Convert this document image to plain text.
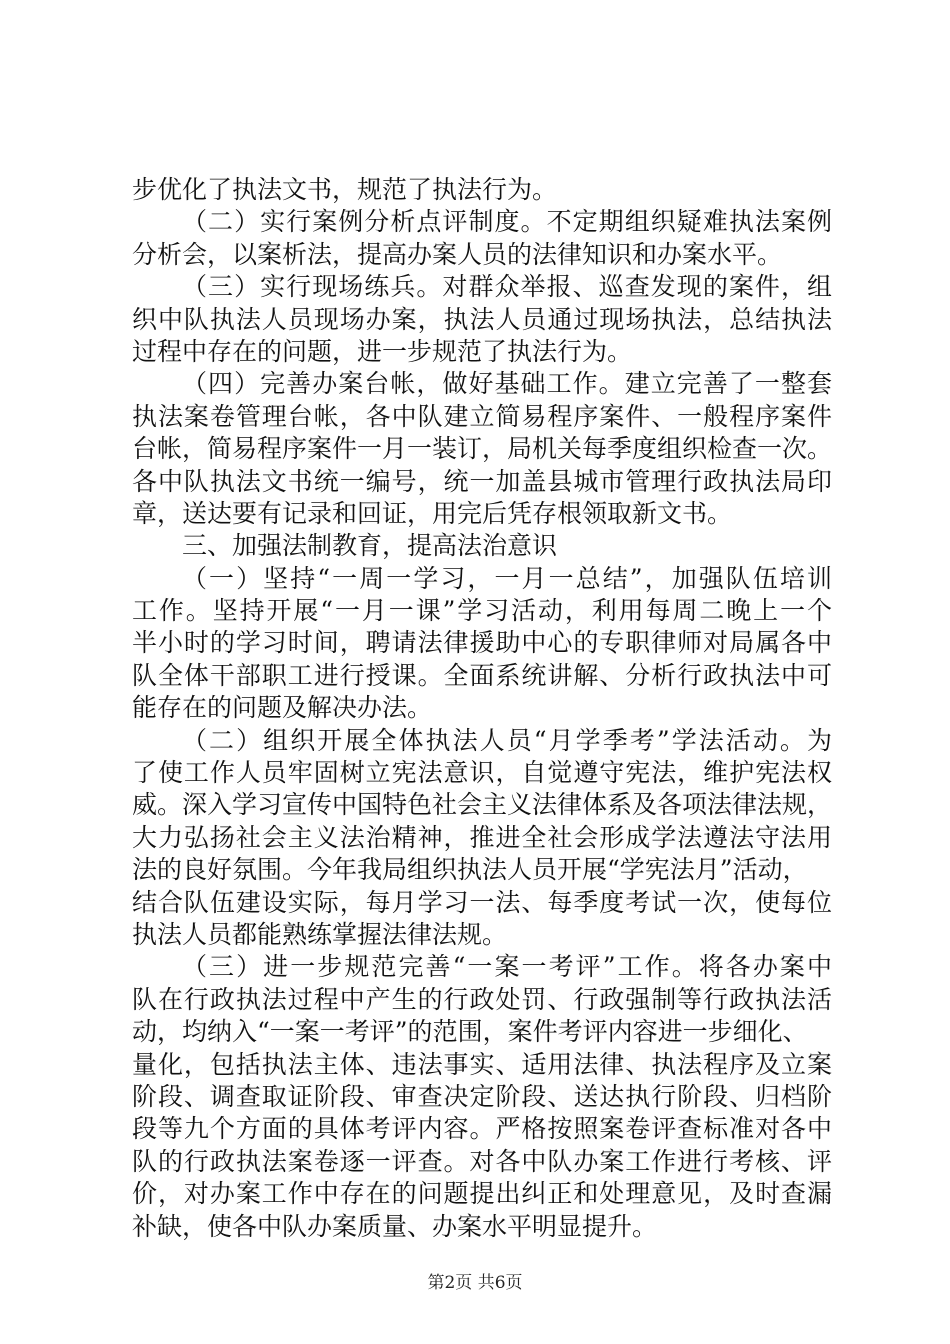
步优化了执法文书，规范了执法行为。
（二）实行案例分析点评制度。不定期组织疑难执法案例
分析会，以案析法，提高办案人员的法律知识和办案水平。
（三）实行现场练兵。对群众举报、巡查发现的案件，组
织中队执法人员现场办案，执法人员通过现场执法，总结执法
过程中存在的问题，进一步规范了执法行为。
（四）完善办案台帐，做好基础工作。建立完善了一整套
执法案卷管理台帐，各中队建立简易程序案件、一般程序案件
台帐，简易程序案件一月一装订，局机关每季度组织检查一次。
各中队执法文书统一编号，统一加盖县城市管理行政执法局印
章，送达要有记录和回证，用完后凭存根领取新文书。
三、加强法制教育，提高法治意识
（一）坚持“一周一学习，一月一总结”，加强队伍培训
工作。坚持开展“一月一课”学习活动，利用每周二晚上一个
半小时的学习时间，聘请法律援助中心的专职律师对局属各中
队全体干部职工进行授课。全面系统讲解、分析行政执法中可
能存在的问题及解决办法。
（二）组织开展全体执法人员“月学季考”学法活动。为
了使工作人员牢固树立宪法意识，自觉遵守宪法，维护宪法权
威。深入学习宣传中国特色社会主义法律体系及各项法律法规，
大力弘扬社会主义法治精神，推进全社会形成学法遵法守法用
法的良好氛围。今年我局组织执法人员开展“学宪法月”活动，
结合队伍建设实际，每月学习一法、每季度考试一次，使每位
执法人员都能熟练掌握法律法规。
（三）进一步规范完善“一案一考评”工作。将各办案中
队在行政执法过程中产生的行政处罚、行政强制等行政执法活
动，均纳入“一案一考评”的范围，案件考评内容进一步细化、
量化，包括执法主体、违法事实、适用法律、执法程序及立案
阶段、调查取证阶段、审查决定阶段、送达执行阶段、归档阶
段等九个方面的具体考评内容。严格按照案卷评查标准对各中
队的行政执法案卷逐一评查。对各中队办案工作进行考核、评
价，对办案工作中存在的问题提出纠正和处理意见，及时查漏
补缺，使各中队办案质量、办案水平明显提升。
第2页 共6页
